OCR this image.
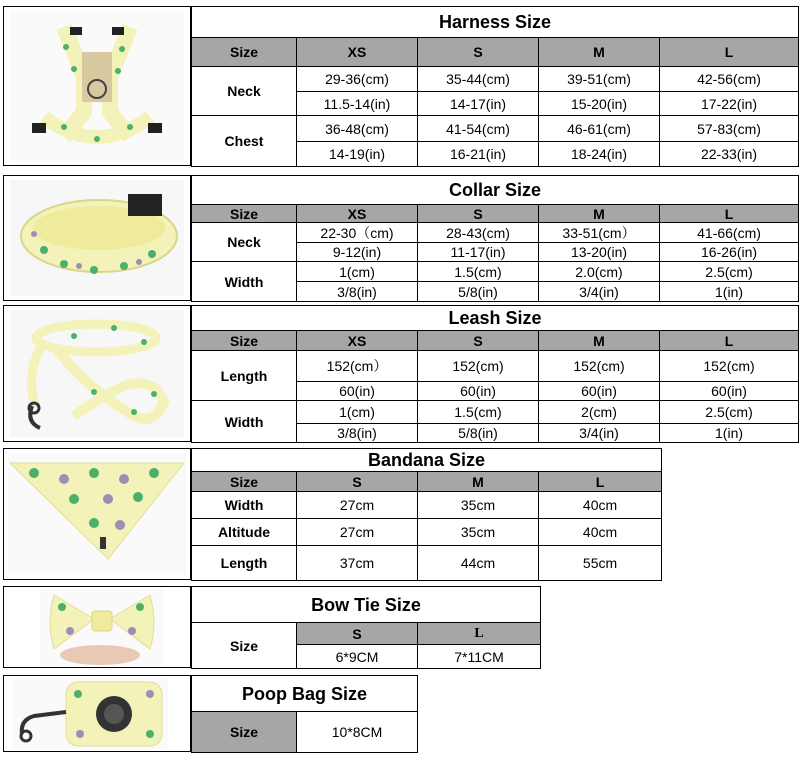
Harness Size				
Size	XS	S	M	L
Neck	29-36(cm)	35-44(cm)	39-51(cm)	42-56(cm)
	11.5-14(in)	14-17(in)	15-20(in)	17-22(in)
Chest	36-48(cm)	41-54(cm)	46-61(cm)	57-83(cm)
	14-19(in)	16-21(in)	18-24(in)	22-33(in)
Collar Size				
Size	XS	S	M	L
Neck	22-30（cm)	28-43(cm)	33-51(cm）	41-66(cm)
	9-12(in)	11-17(in)	13-20(in)	16-26(in)
Width	1(cm)	1.5(cm)	2.0(cm)	2.5(cm)
	3/8(in)	5/8(in)	3/4(in)	1(in)
Leash Size				
Size	XS	S	M	L
Length	152(cm）	152(cm)	152(cm)	152(cm)
	60(in)	60(in)	60(in)	60(in)
Width	1(cm)	1.5(cm)	2(cm)	2.5(cm)
	3/8(in)	5/8(in)	3/4(in)	1(in)
Bandana Size			
Size	S	M	L
Width	27cm	35cm	40cm
Altitude	27cm	35cm	40cm
Length	37cm	44cm	55cm
Bow Tie Size		
Size	S	L
	6*9CM	7*11CM
Poop Bag Size
Size	10*8CM
